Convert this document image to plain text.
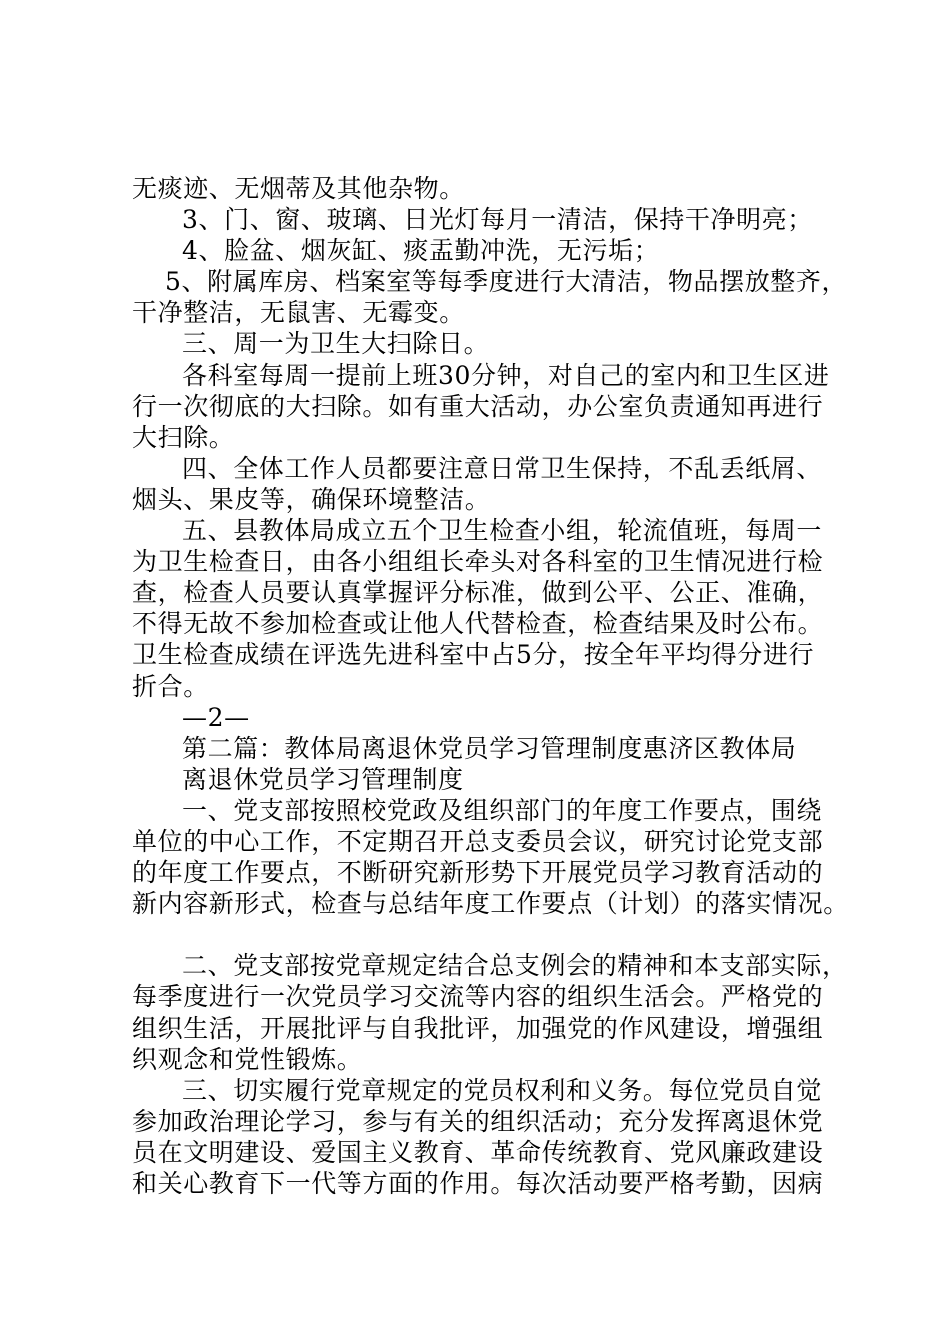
无痰迹、无烟蒂及其他杂物。
3、门、窗、玻璃、日光灯每月一清洁，保持干净明亮；
4、脸盆、烟灰缸、痰盂勤冲洗，无污垢；
5、附属库房、档案室等每季度进行大清洁，物品摆放整齐，
干净整洁，无鼠害、无霉变。
三、周一为卫生大扫除日。
各科室每周一提前上班30分钟，对自己的室内和卫生区进
行一次彻底的大扫除。如有重大活动，办公室负责通知再进行
大扫除。
四、全体工作人员都要注意日常卫生保持，不乱丢纸屑、
烟头、果皮等，确保环境整洁。
五、县教体局成立五个卫生检查小组，轮流值班，每周一
为卫生检查日，由各小组组长牵头对各科室的卫生情况进行检
查，检查人员要认真掌握评分标准，做到公平、公正、准确，
不得无故不参加检查或让他人代替检查，检查结果及时公布。
卫生检查成绩在评选先进科室中占5分，按全年平均得分进行
折合。
—2—
第二篇：教体局离退休党员学习管理制度惠济区教体局
离退休党员学习管理制度
一、党支部按照校党政及组织部门的年度工作要点，围绕
单位的中心工作，不定期召开总支委员会议，研究讨论党支部
的年度工作要点，不断研究新形势下开展党员学习教育活动的
新内容新形式，检查与总结年度工作要点（计划）的落实情况。
二、党支部按党章规定结合总支例会的精神和本支部实际，
每季度进行一次党员学习交流等内容的组织生活会。严格党的
组织生活，开展批评与自我批评，加强党的作风建设，增强组
织观念和党性锻炼。
三、切实履行党章规定的党员权利和义务。每位党员自觉
参加政治理论学习，参与有关的组织活动；充分发挥离退休党
员在文明建设、爱国主义教育、革命传统教育、党风廉政建设
和关心教育下一代等方面的作用。每次活动要严格考勤，因病
